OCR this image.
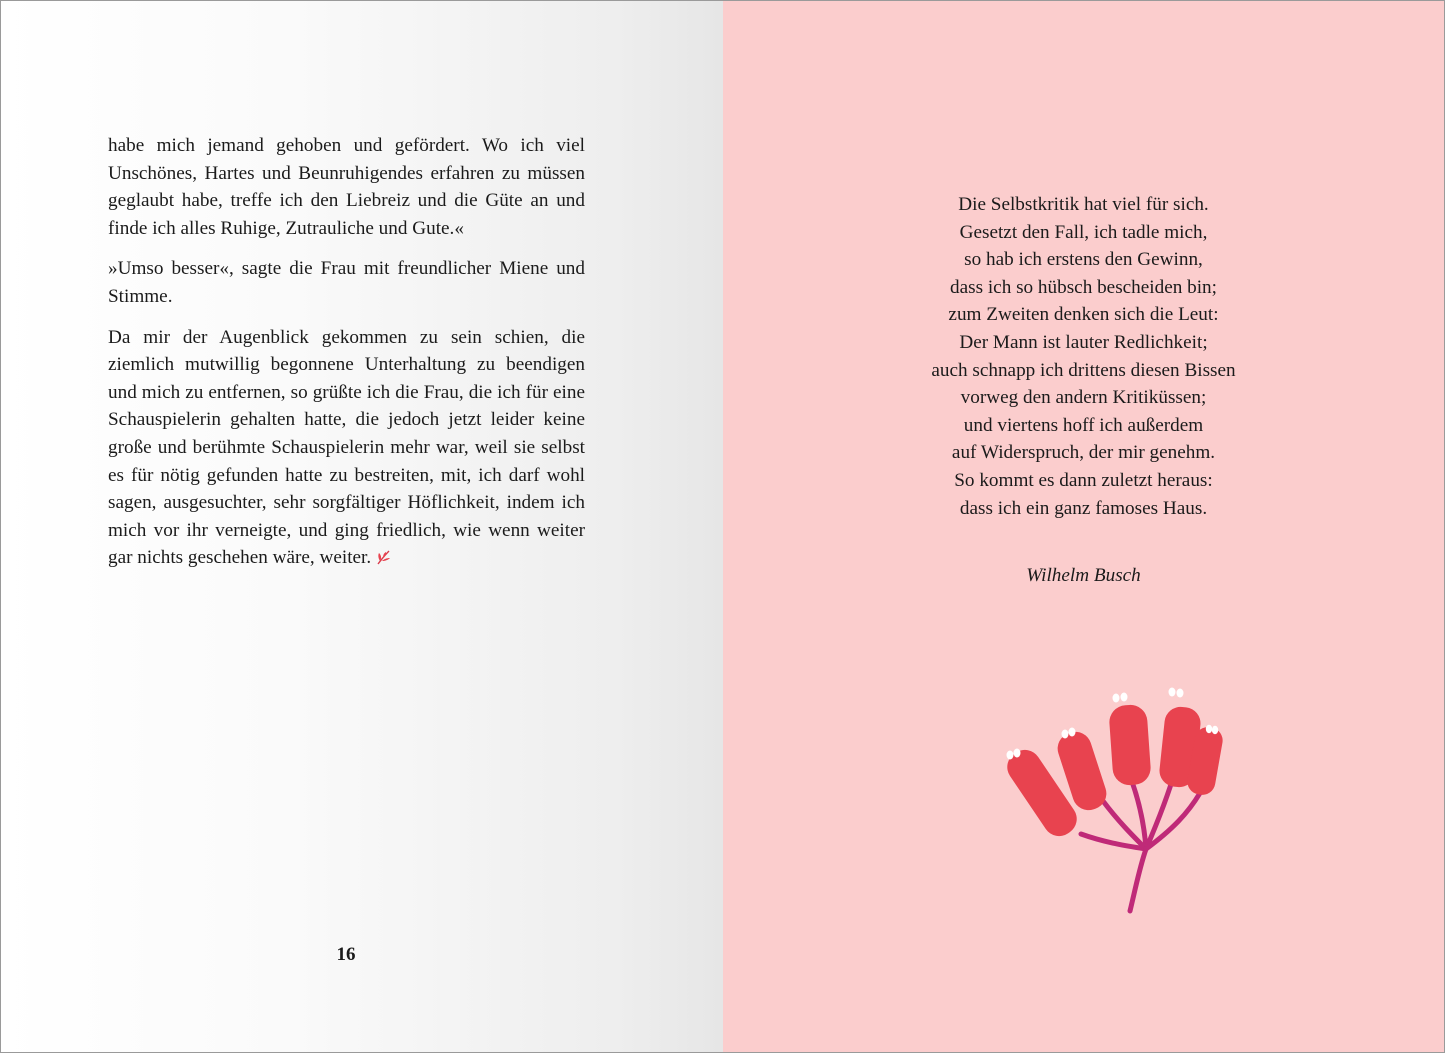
habe mich jemand gehoben und gefördert. Wo ich viel Unschönes, Hartes und Beunruhigendes erfahren zu müssen geglaubt habe, treffe ich den Liebreiz und die Güte an und finde ich alles Ruhige, Zutrauliche und Gute.«

»Umso besser«, sagte die Frau mit freundlicher Miene und Stimme.

Da mir der Augenblick gekommen zu sein schien, die ziemlich mutwillig begonnene Unterhaltung zu beendigen und mich zu entfernen, so grüßte ich die Frau, die ich für eine Schauspielerin gehalten hatte, die jedoch jetzt leider keine große und berühmte Schauspielerin mehr war, weil sie selbst es für nötig gefunden hatte zu bestreiten, mit, ich darf wohl sagen, ausgesuchter, sehr sorgfältiger Höflichkeit, indem ich mich vor ihr verneigte, und ging friedlich, wie wenn weiter gar nichts geschehen wäre, weiter.

16
Die Selbstkritik hat viel für sich.
Gesetzt den Fall, ich tadle mich,
so hab ich erstens den Gewinn,
dass ich so hübsch bescheiden bin;
zum Zweiten denken sich die Leut:
Der Mann ist lauter Redlichkeit;
auch schnapp ich drittens diesen Bissen
vorweg den andern Kritiküssen;
und viertens hoff ich außerdem
auf Widerspruch, der mir genehm.
So kommt es dann zuletzt heraus:
dass ich ein ganz famoses Haus.
Wilhelm Busch
